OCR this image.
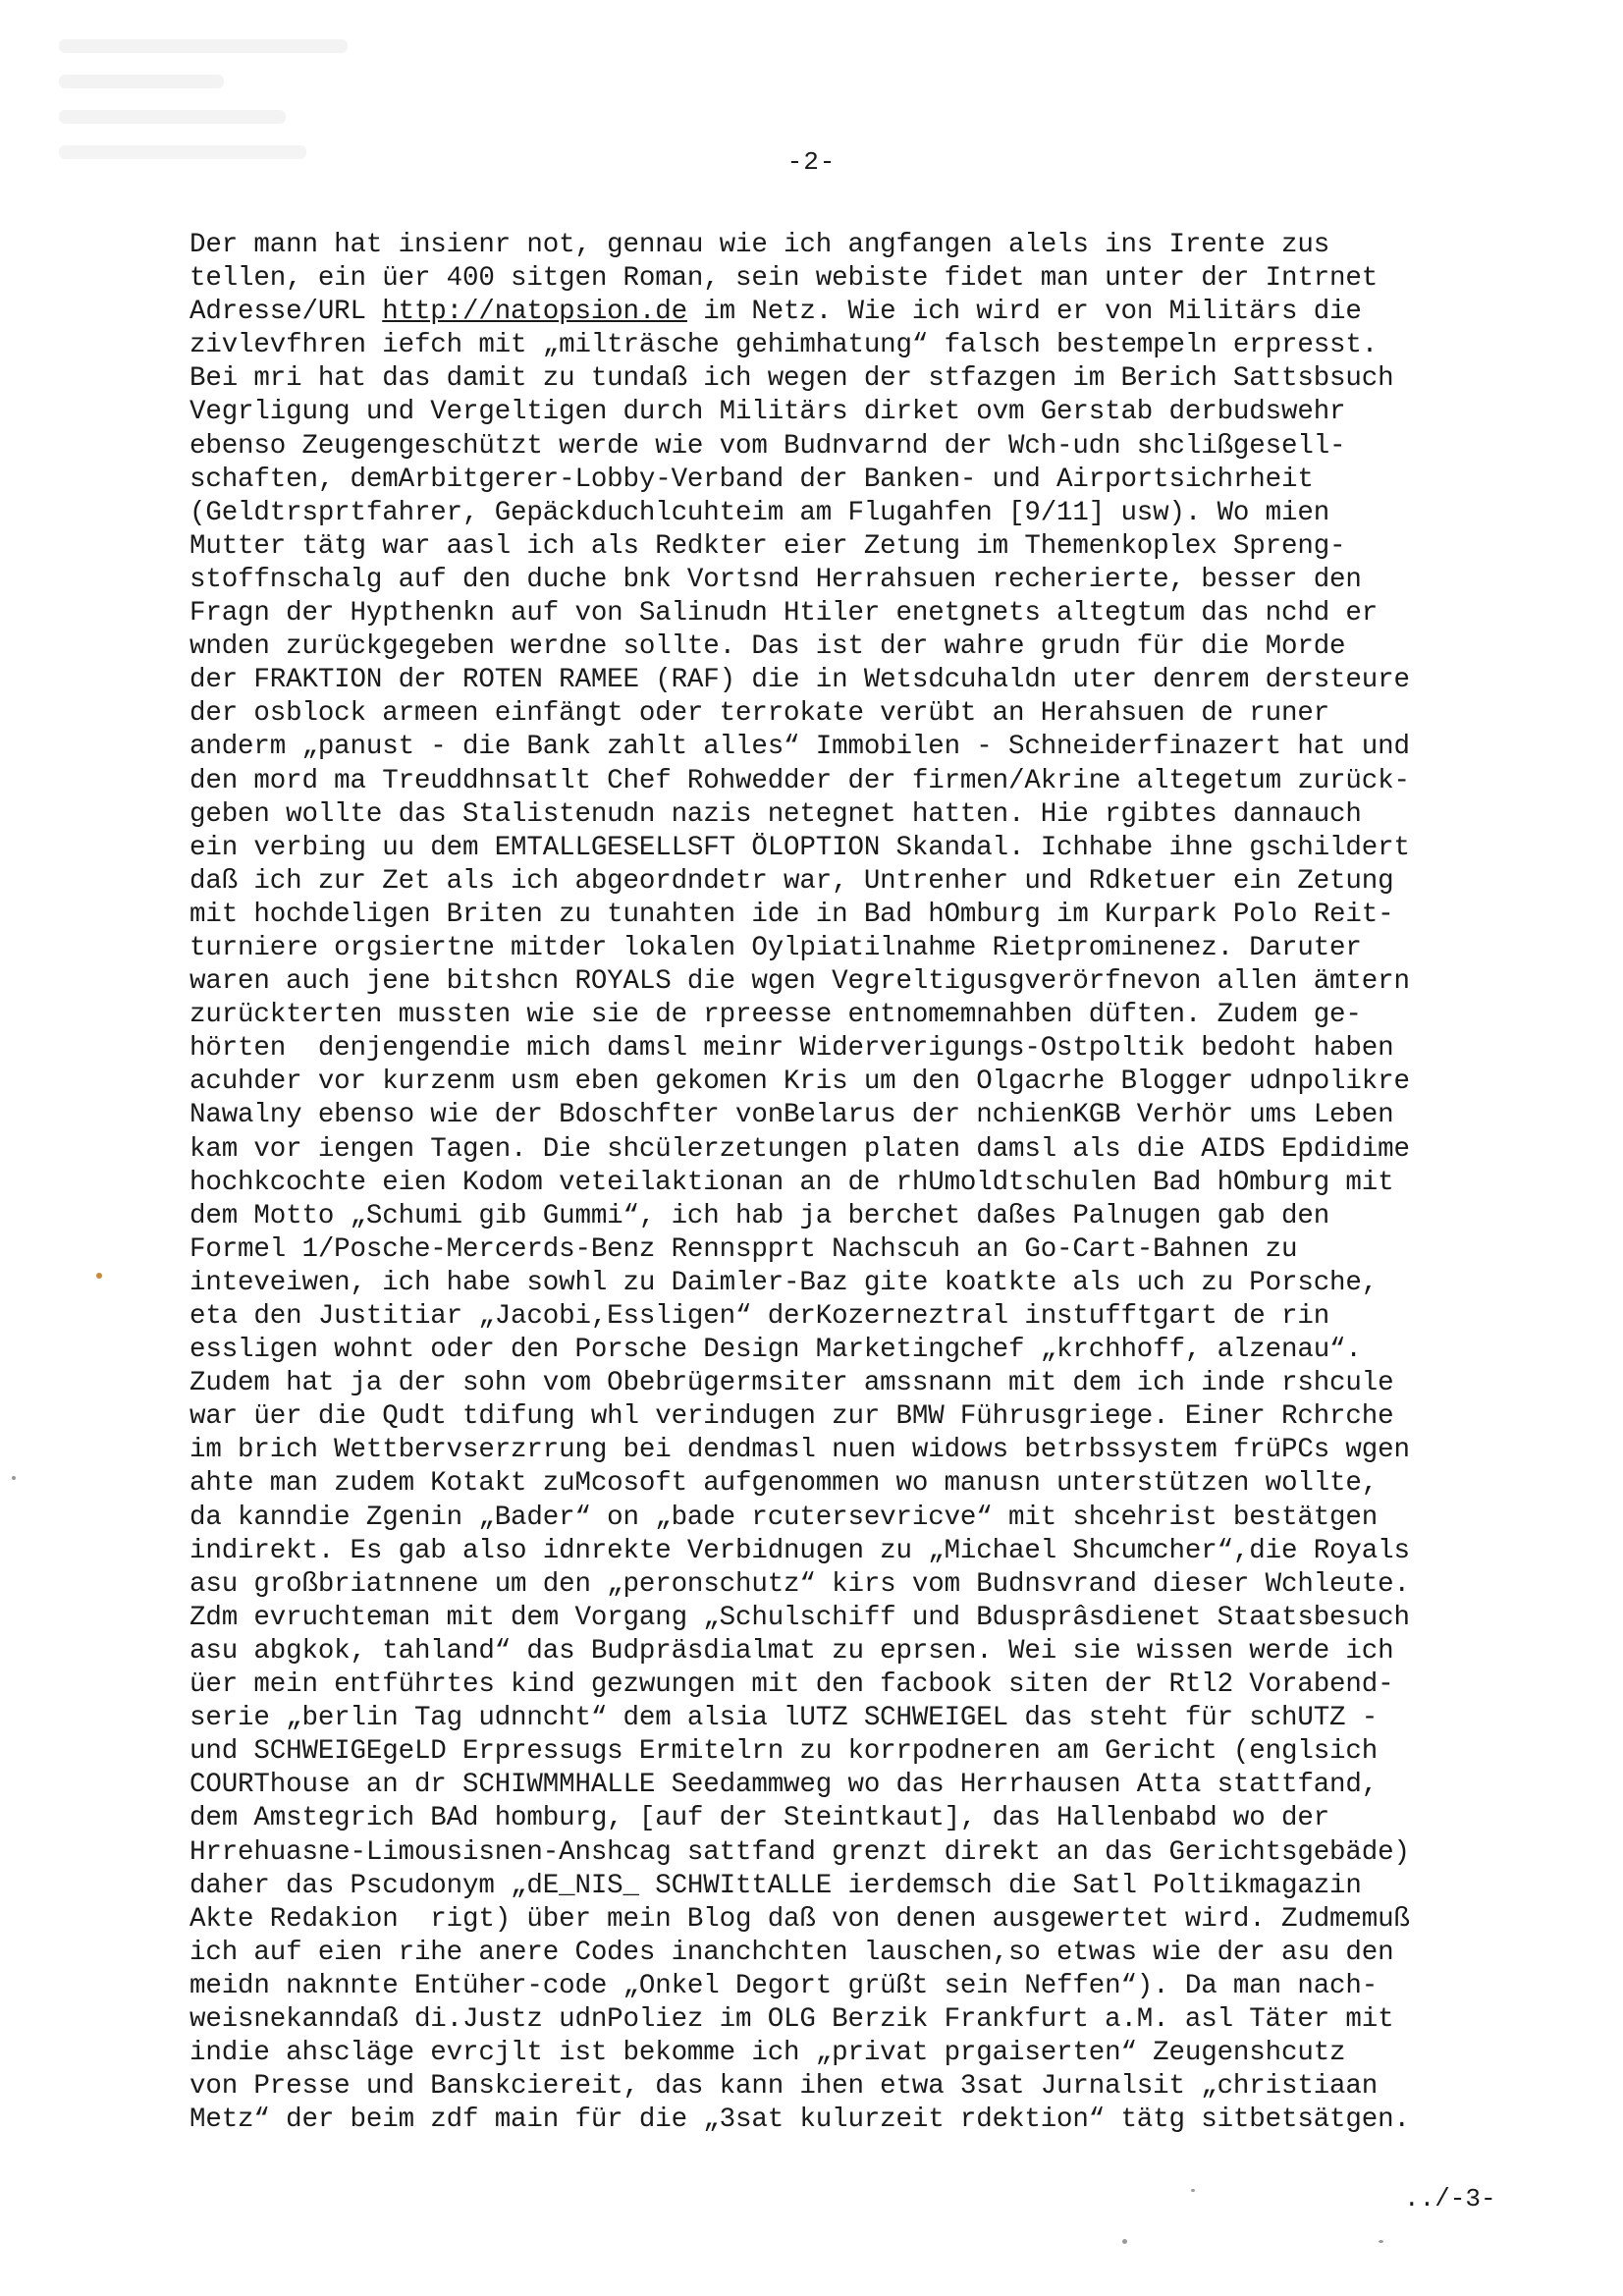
-2-
Der mann hat insienr not, gennau wie ich angfangen alels ins Irente zus
tellen, ein üer 400 sitgen Roman, sein webiste fidet man unter der Intrnet
Adresse/URL http://natopsion.de im Netz. Wie ich wird er von Militärs die
zivlevfhren iefch mit „milträsche gehimhatung“ falsch bestempeln erpresst.
Bei mri hat das damit zu tundaß ich wegen der stfazgen im Berich Sattsbsuch
Vegrligung und Vergeltigen durch Militärs dirket ovm Gerstab derbudswehr
ebenso Zeugengeschützt werde wie vom Budnvarnd der Wch-udn shclißgesell-
schaften, demArbitgerer-Lobby-Verband der Banken- und Airportsichrheit
(Geldtrsprtfahrer, Gepäckduchlcuhteim am Flugahfen [9/11] usw). Wo mien
Mutter tätg war aasl ich als Redkter eier Zetung im Themenkoplex Spreng-
stoffnschalg auf den duche bnk Vortsnd Herrahsuen recherierte, besser den
Fragn der Hypthenkn auf von Salinudn Htiler enetgnets altegtum das nchd er
wnden zurückgegeben werdne sollte. Das ist der wahre grudn für die Morde
der FRAKTION der ROTEN RAMEE (RAF) die in Wetsdcuhaldn uter denrem dersteure
der osblock armeen einfängt oder terrokate verübt an Herahsuen de runer
anderm „panust - die Bank zahlt alles“ Immobilen - Schneiderfinazert hat und
den mord ma Treuddhnsatlt Chef Rohwedder der firmen/Akrine altegetum zurück-
geben wollte das Stalistenudn nazis netegnet hatten. Hie rgibtes dannauch
ein verbing uu dem EMTALLGESELLSFT ÖLOPTION Skandal. Ichhabe ihne gschildert
daß ich zur Zet als ich abgeordndetr war, Untrenher und Rdketuer ein Zetung
mit hochdeligen Briten zu tunahten ide in Bad hOmburg im Kurpark Polo Reit-
turniere orgsiertne mitder lokalen Oylpiatilnahme Rietprominenez. Daruter
waren auch jene bitshcn ROYALS die wgen Vegreltigusgverörfnevon allen ämtern
zurückterten mussten wie sie de rpreesse entnomemnahben düften. Zudem ge-
hörten  denjengendie mich damsl meinr Widerverigungs-Ostpoltik bedoht haben
acuhder vor kurzenm usm eben gekomen Kris um den Olgacrhe Blogger udnpolikre
Nawalny ebenso wie der Bdoschfter vonBelarus der nchienKGB Verhör ums Leben
kam vor iengen Tagen. Die shcülerzetungen platen damsl als die AIDS Epdidime
hochkcochte eien Kodom veteilaktionan an de rhUmoldtschulen Bad hOmburg mit
dem Motto „Schumi gib Gummi“, ich hab ja berchet daßes Palnugen gab den
Formel 1/Posche-Mercerds-Benz Rennspprt Nachscuh an Go-Cart-Bahnen zu
inteveiwen, ich habe sowhl zu Daimler-Baz gite koatkte als uch zu Porsche,
eta den Justitiar „Jacobi,Essligen“ derKozerneztral instufftgart de rin
essligen wohnt oder den Porsche Design Marketingchef „krchhoff, alzenau“.
Zudem hat ja der sohn vom Obebrügermsiter amssnann mit dem ich inde rshcule
war üer die Qudt tdifung whl verindugen zur BMW Führusgriege. Einer Rchrche
im brich Wettbervserzrrung bei dendmasl nuen widows betrbssystem früPCs wgen
ahte man zudem Kotakt zuMcosoft aufgenommen wo manusn unterstützen wollte,
da kanndie Zgenin „Bader“ on „bade rcutersevricve“ mit shcehrist bestätgen
indirekt. Es gab also idnrekte Verbidnugen zu „Michael Shcumcher“,die Royals
asu großbriatnnene um den „peronschutz“ kirs vom Budnsvrand dieser Wchleute.
Zdm evruchteman mit dem Vorgang „Schulschiff und Bdusprâsdienet Staatsbesuch
asu abgkok, tahland“ das Budpräsdialmat zu eprsen. Wei sie wissen werde ich
üer mein entführtes kind gezwungen mit den facbook siten der Rtl2 Vorabend-
serie „berlin Tag udnncht“ dem alsia lUTZ SCHWEIGEL das steht für schUTZ -
und SCHWEIGEgeLD Erpressugs Ermitelrn zu korrpodneren am Gericht (englsich
COURThouse an dr SCHIWMMHALLE Seedammweg wo das Herrhausen Atta stattfand,
dem Amstegrich BAd homburg, [auf der Steintkaut], das Hallenbabd wo der
Hrrehuasne-Limousisnen-Anshcag sattfand grenzt direkt an das Gerichtsgebäde)
daher das Pscudonym „dE_NIS_ SCHWIttALLE ierdemsch die Satl Poltikmagazin
Akte Redakion  rigt) über mein Blog daß von denen ausgewertet wird. Zudmemuß
ich auf eien rihe anere Codes inanchchten lauschen,so etwas wie der asu den
meidn naknnte Entüher-code „Onkel Degort grüßt sein Neffen“). Da man nach-
weisnekanndaß di.Justz udnPoliez im OLG Berzik Frankfurt a.M. asl Täter mit
indie ahscläge evrcjlt ist bekomme ich „privat prgaiserten“ Zeugenshcutz
von Presse und Banskciereit, das kann ihen etwa 3sat Jurnalsit „christiaan
Metz“ der beim zdf main für die „3sat kulurzeit rdektion“ tätg sitbetsätgen.
../-3-
